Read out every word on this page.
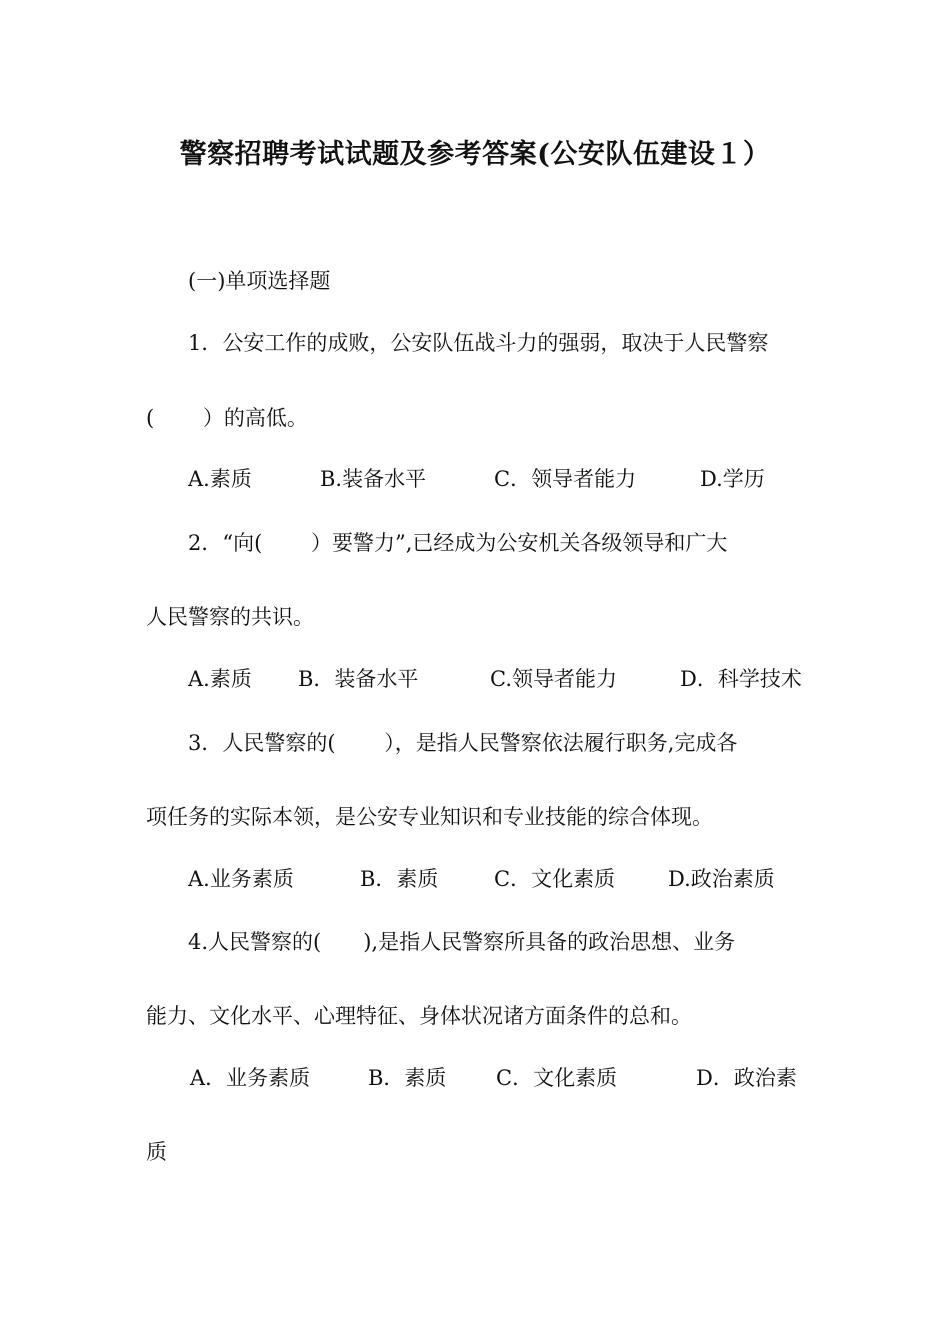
警察招聘考试试题及参考答案(公安队伍建设１）
(一)单项选择题
1．公安工作的成败，公安队伍战斗力的强弱，取决于人民警察
(　　 ）的高低。
A.素质	B.装备水平	C．领导者能力	D.学历
2．“向(　　 ）要警力”,已经成为公安机关各级领导和广大
人民警察的共识。
A.素质 B．装备水平	C.领导者能力	D．科学技术
3．人民警察的(　　 ），是指人民警察依法履行职务,完成各
项任务的实际本领，是公安专业知识和专业技能的综合体现。
A.业务素质	B．素质	C．文化素质	D.政治素质
4.人民警察的(　　),是指人民警察所具备的政治思想、业务
能力、文化水平、心理特征、身体状况诸方面条件的总和。
A．业务素质	B．素质 C．文化素质	D．政治素
质
